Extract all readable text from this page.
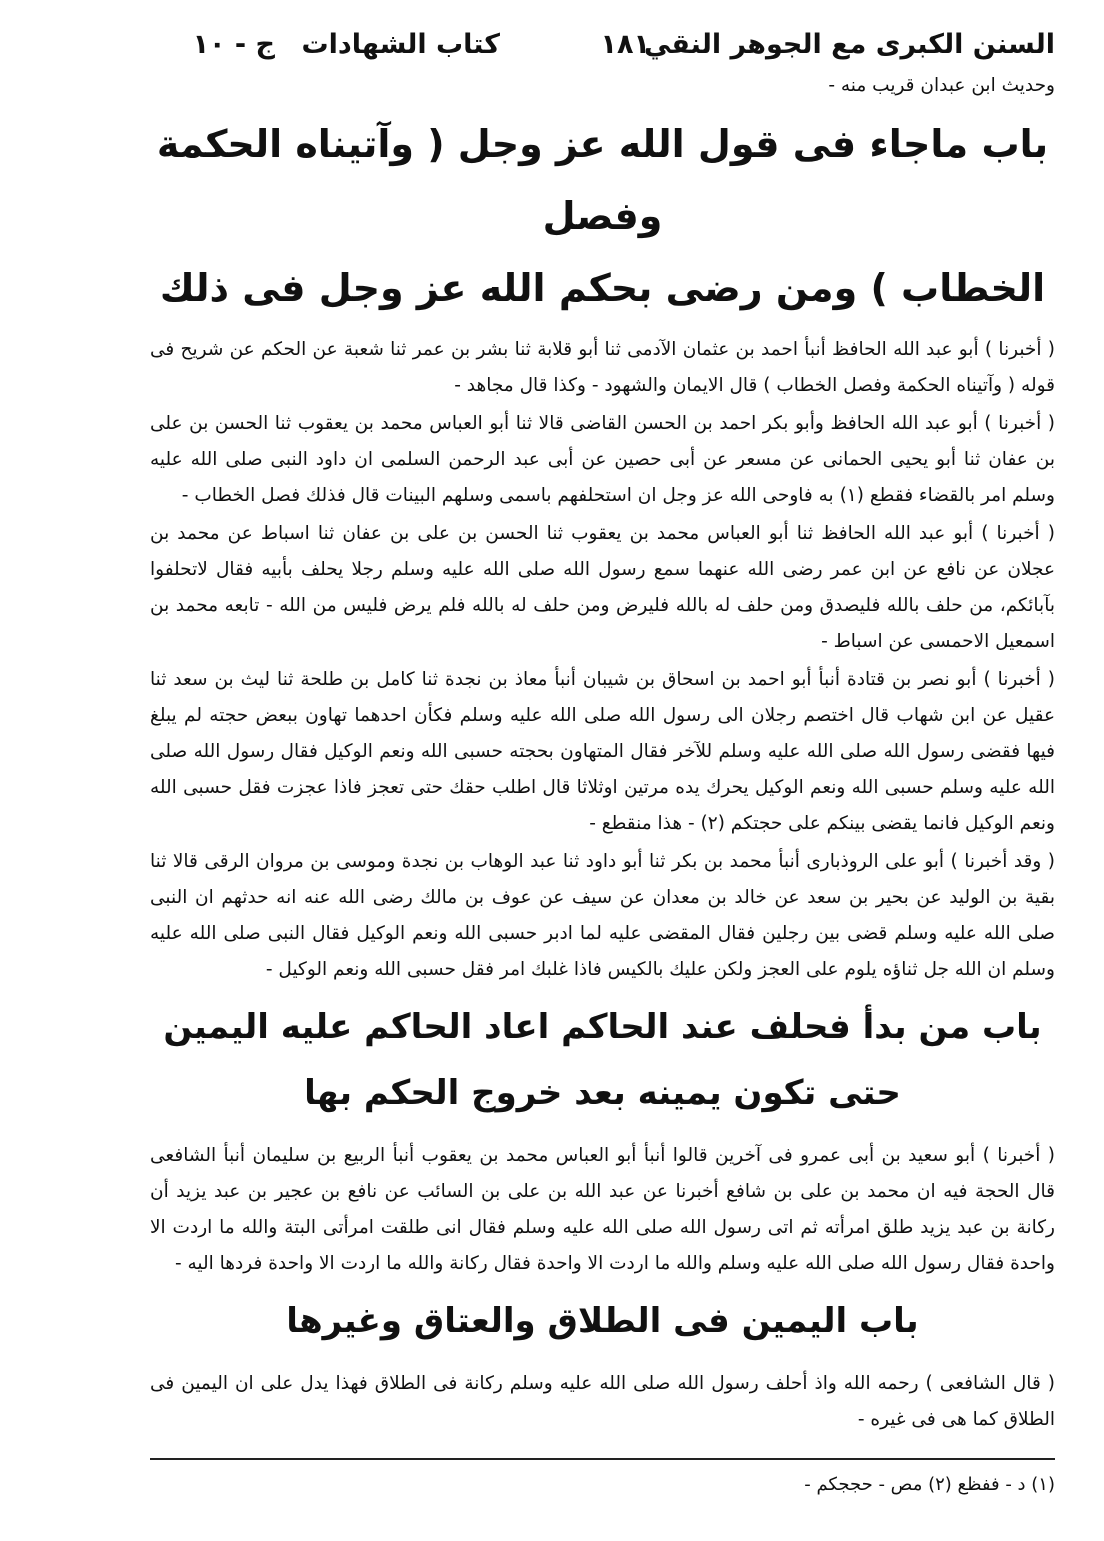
السنن الكبرى مع الجوهر النقي
١٨١
كتاب الشهادات
ج - ١٠

وحديث ابن عبدان قريب منه -

باب ماجاء فى قول الله عز وجل ( وآتيناه الحكمة وفصل
الخطاب ) ومن رضى بحكم الله عز وجل فى ذلك

( أخبرنا ) أبو عبد الله الحافظ أنبأ احمد بن عثمان الآدمى ثنا أبو قلابة ثنا بشر بن عمر ثنا شعبة عن الحكم عن شريح فى قوله ( وآتيناه الحكمة وفصل الخطاب ) قال الايمان والشهود - وكذا قال مجاهد -

( أخبرنا ) أبو عبد الله الحافظ وأبو بكر احمد بن الحسن القاضى قالا ثنا أبو العباس محمد بن يعقوب ثنا الحسن بن على بن عفان ثنا أبو يحيى الحمانى عن مسعر عن أبى حصين عن أبى عبد الرحمن السلمى ان داود النبى صلى الله عليه وسلم امر بالقضاء فقطع (١) به فاوحى الله عز وجل ان استحلفهم باسمى وسلهم البينات قال فذلك فصل الخطاب -

( أخبرنا ) أبو عبد الله الحافظ ثنا أبو العباس محمد بن يعقوب ثنا الحسن بن على بن عفان ثنا اسباط عن محمد بن عجلان عن نافع عن ابن عمر رضى الله عنهما سمع رسول الله صلى الله عليه وسلم رجلا يحلف بأبيه فقال لاتحلفوا بآبائكم، من حلف بالله فليصدق ومن حلف له بالله فليرض ومن حلف له بالله فلم يرض فليس من الله - تابعه محمد بن اسمعيل الاحمسى عن اسباط -

( أخبرنا ) أبو نصر بن قتادة أنبأ أبو احمد بن اسحاق بن شيبان أنبأ معاذ بن نجدة ثنا كامل بن طلحة ثنا ليث بن سعد ثنا عقيل عن ابن شهاب قال اختصم رجلان الى رسول الله صلى الله عليه وسلم فكأن احدهما تهاون ببعض حجته لم يبلغ فيها فقضى رسول الله صلى الله عليه وسلم للآخر فقال المتهاون بحجته حسبى الله ونعم الوكيل فقال رسول الله صلى الله عليه وسلم حسبى الله ونعم الوكيل يحرك يده مرتين اوثلاثا قال اطلب حقك حتى تعجز فاذا عجزت فقل حسبى الله ونعم الوكيل فانما يقضى بينكم على حجتكم (٢) - هذا منقطع -

( وقد أخبرنا ) أبو على الروذبارى أنبأ محمد بن بكر ثنا أبو داود ثنا عبد الوهاب بن نجدة وموسى بن مروان الرقى قالا ثنا بقية بن الوليد عن بحير بن سعد عن خالد بن معدان عن سيف عن عوف بن مالك رضى الله عنه انه حدثهم ان النبى صلى الله عليه وسلم قضى بين رجلين فقال المقضى عليه لما ادبر حسبى الله ونعم الوكيل فقال النبى صلى الله عليه وسلم ان الله جل ثناؤه يلوم على العجز ولكن عليك بالكيس فاذا غلبك امر فقل حسبى الله ونعم الوكيل -

باب من بدأ فحلف عند الحاكم اعاد الحاكم عليه اليمين
حتى تكون يمينه بعد خروج الحكم بها

( أخبرنا ) أبو سعيد بن أبى عمرو فى آخرين قالوا أنبأ أبو العباس محمد بن يعقوب أنبأ الربيع بن سليمان أنبأ الشافعى قال الحجة فيه ان محمد بن على بن شافع أخبرنا عن عبد الله بن على بن السائب عن نافع بن عجير بن عبد يزيد أن ركانة بن عبد يزيد طلق امرأته ثم اتى رسول الله صلى الله عليه وسلم فقال انى طلقت امرأتى البتة والله ما اردت الا واحدة فقال رسول الله صلى الله عليه وسلم والله ما اردت الا واحدة فقال ركانة والله ما اردت الا واحدة فردها اليه -

باب اليمين فى الطلاق والعتاق وغيرها

( قال الشافعى ) رحمه الله واذ أحلف رسول الله صلى الله عليه وسلم ركانة فى الطلاق فهذا يدل على ان اليمين فى الطلاق كما هى فى غيره -

(١) د - ففظع (٢) مص - حججكم -
